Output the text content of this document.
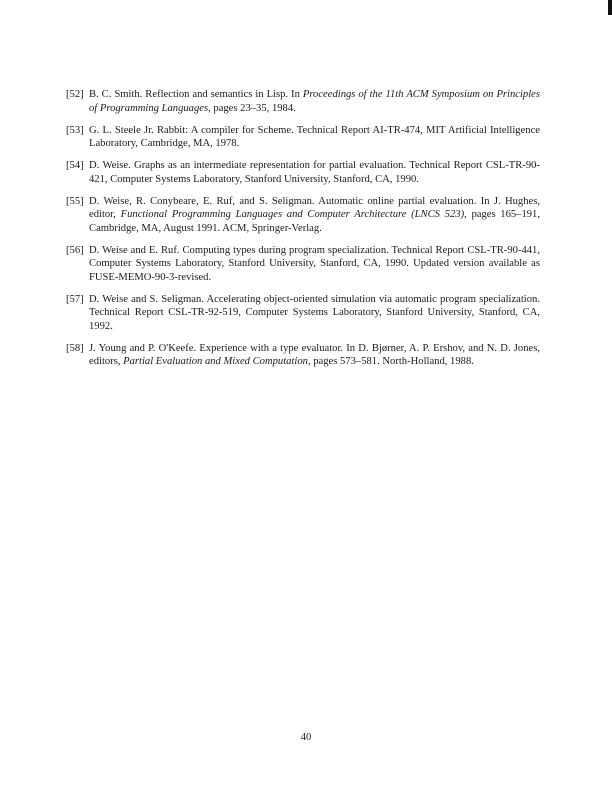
[52] B. C. Smith. Reflection and semantics in Lisp. In Proceedings of the 11th ACM Symposium on Principles of Programming Languages, pages 23–35, 1984.
[53] G. L. Steele Jr. Rabbit: A compiler for Scheme. Technical Report AI-TR-474, MIT Artificial Intelligence Laboratory, Cambridge, MA, 1978.
[54] D. Weise. Graphs as an intermediate representation for partial evaluation. Technical Report CSL-TR-90-421, Computer Systems Laboratory, Stanford University, Stanford, CA, 1990.
[55] D. Weise, R. Conybeare, E. Ruf, and S. Seligman. Automatic online partial evaluation. In J. Hughes, editor, Functional Programming Languages and Computer Architecture (LNCS 523), pages 165–191, Cambridge, MA, August 1991. ACM, Springer-Verlag.
[56] D. Weise and E. Ruf. Computing types during program specialization. Technical Report CSL-TR-90-441, Computer Systems Laboratory, Stanford University, Stanford, CA, 1990. Updated version available as FUSE-MEMO-90-3-revised.
[57] D. Weise and S. Seligman. Accelerating object-oriented simulation via automatic program specialization. Technical Report CSL-TR-92-519, Computer Systems Laboratory, Stanford University, Stanford, CA, 1992.
[58] J. Young and P. O'Keefe. Experience with a type evaluator. In D. Bjørner, A. P. Ershov, and N. D. Jones, editors, Partial Evaluation and Mixed Computation, pages 573–581. North-Holland, 1988.
40
